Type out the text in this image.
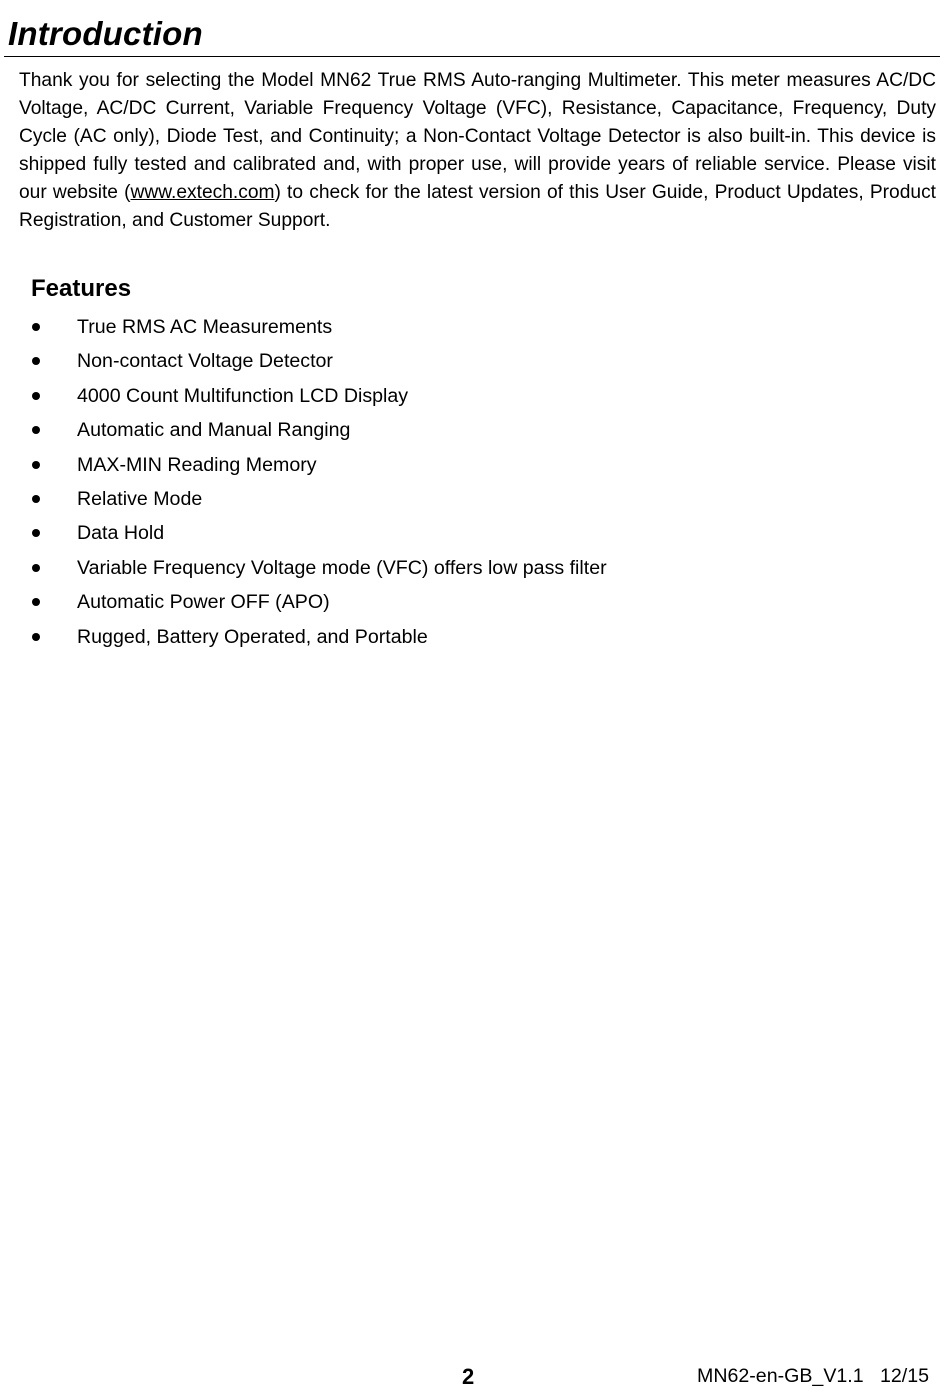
Introduction

Thank you for selecting the Model MN62 True RMS Auto-ranging Multimeter. This meter measures AC/DC Voltage, AC/DC Current, Variable Frequency Voltage (VFC), Resistance, Capacitance, Frequency, Duty Cycle (AC only), Diode Test, and Continuity; a Non-Contact Voltage Detector is also built-in. This device is shipped fully tested and calibrated and, with proper use, will provide years of reliable service. Please visit our website (www.extech.com) to check for the latest version of this User Guide, Product Updates, Product Registration, and Customer Support.

Features
True RMS AC Measurements
Non-contact Voltage Detector
4000 Count Multifunction LCD Display
Automatic and Manual Ranging
MAX-MIN Reading Memory
Relative Mode
Data Hold
Variable Frequency Voltage mode (VFC) offers low pass filter
Automatic Power OFF (APO)
Rugged, Battery Operated, and Portable
2	MN62-en-GB_V1.1   12/15
